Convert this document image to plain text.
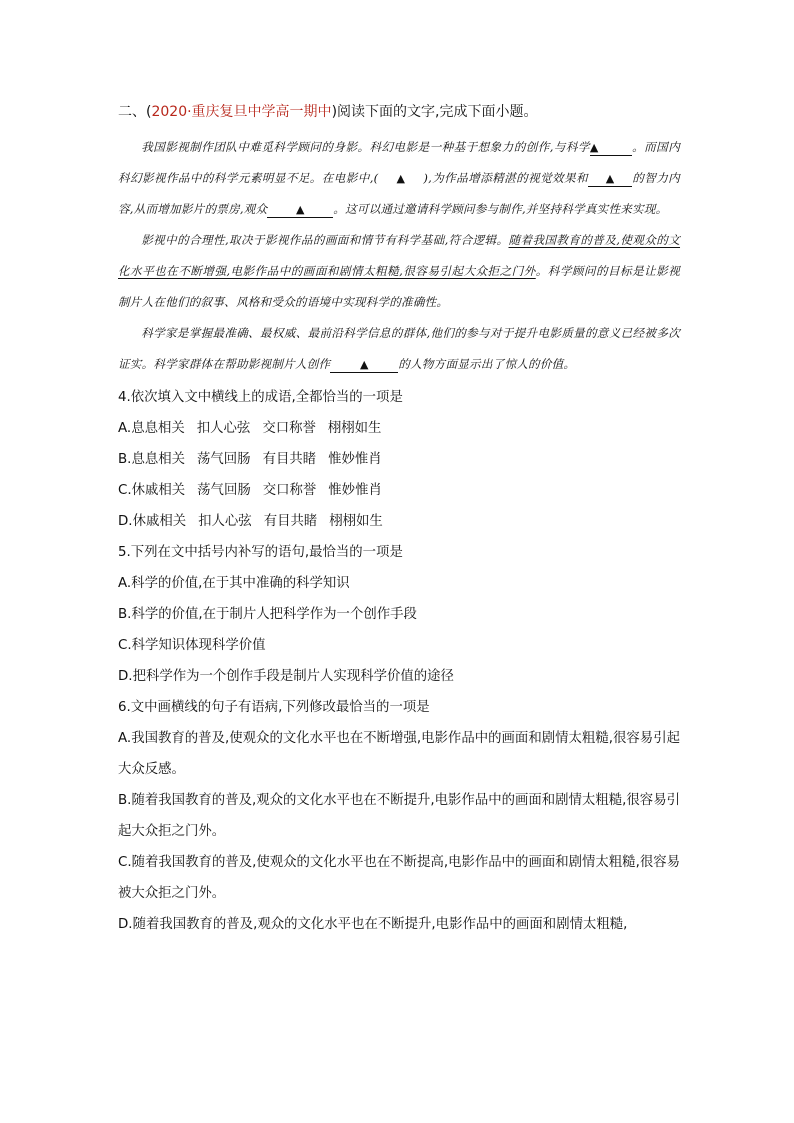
二、(2020·重庆复旦中学高一期中)阅读下面的文字,完成下面小题。

我国影视制作团队中难觅科学顾问的身影。科幻电影是一种基于想象力的创作,与科学▲	。而国内科幻影视作品中的科学元素明显不足。在电影中,( ▲ ),为作品增添精湛的视觉效果和 ▲ 的智力内容,从而增加影片的票房,观众	▲ 。这可以通过邀请科学顾问参与制作,并坚持科学真实性来实现。

影视中的合理性,取决于影视作品的画面和情节有科学基础,符合逻辑。随着我国教育的普及,使观众的文化水平也在不断增强,电影作品中的画面和剧情太粗糙,很容易引起大众拒之门外。科学顾问的目标是让影视制片人在他们的叙事、风格和受众的语境中实现科学的准确性。

科学家是掌握最准确、最权威、最前沿科学信息的群体,他们的参与对于提升电影质量的意义已经被多次证实。科学家群体在帮助影视制片人创作	▲	的人物方面显示出了惊人的价值。

4.依次填入文中横线上的成语,全都恰当的一项是
A.息息相关 扣人心弦 交口称誉 栩栩如生
B.息息相关 荡气回肠 有目共睹 惟妙惟肖
C.休戚相关 荡气回肠 交口称誉 惟妙惟肖
D.休戚相关 扣人心弦 有目共睹 栩栩如生
5.下列在文中括号内补写的语句,最恰当的一项是
A.科学的价值,在于其中准确的科学知识
B.科学的价值,在于制片人把科学作为一个创作手段
C.科学知识体现科学价值
D.把科学作为一个创作手段是制片人实现科学价值的途径
6.文中画横线的句子有语病,下列修改最恰当的一项是
A.我国教育的普及,使观众的文化水平也在不断增强,电影作品中的画面和剧情太粗糙,很容易引起大众反感。
B.随着我国教育的普及,观众的文化水平也在不断提升,电影作品中的画面和剧情太粗糙,很容易引起大众拒之门外。
C.随着我国教育的普及,使观众的文化水平也在不断提高,电影作品中的画面和剧情太粗糙,很容易被大众拒之门外。
D.随着我国教育的普及,观众的文化水平也在不断提升,电影作品中的画面和剧情太粗糙,
